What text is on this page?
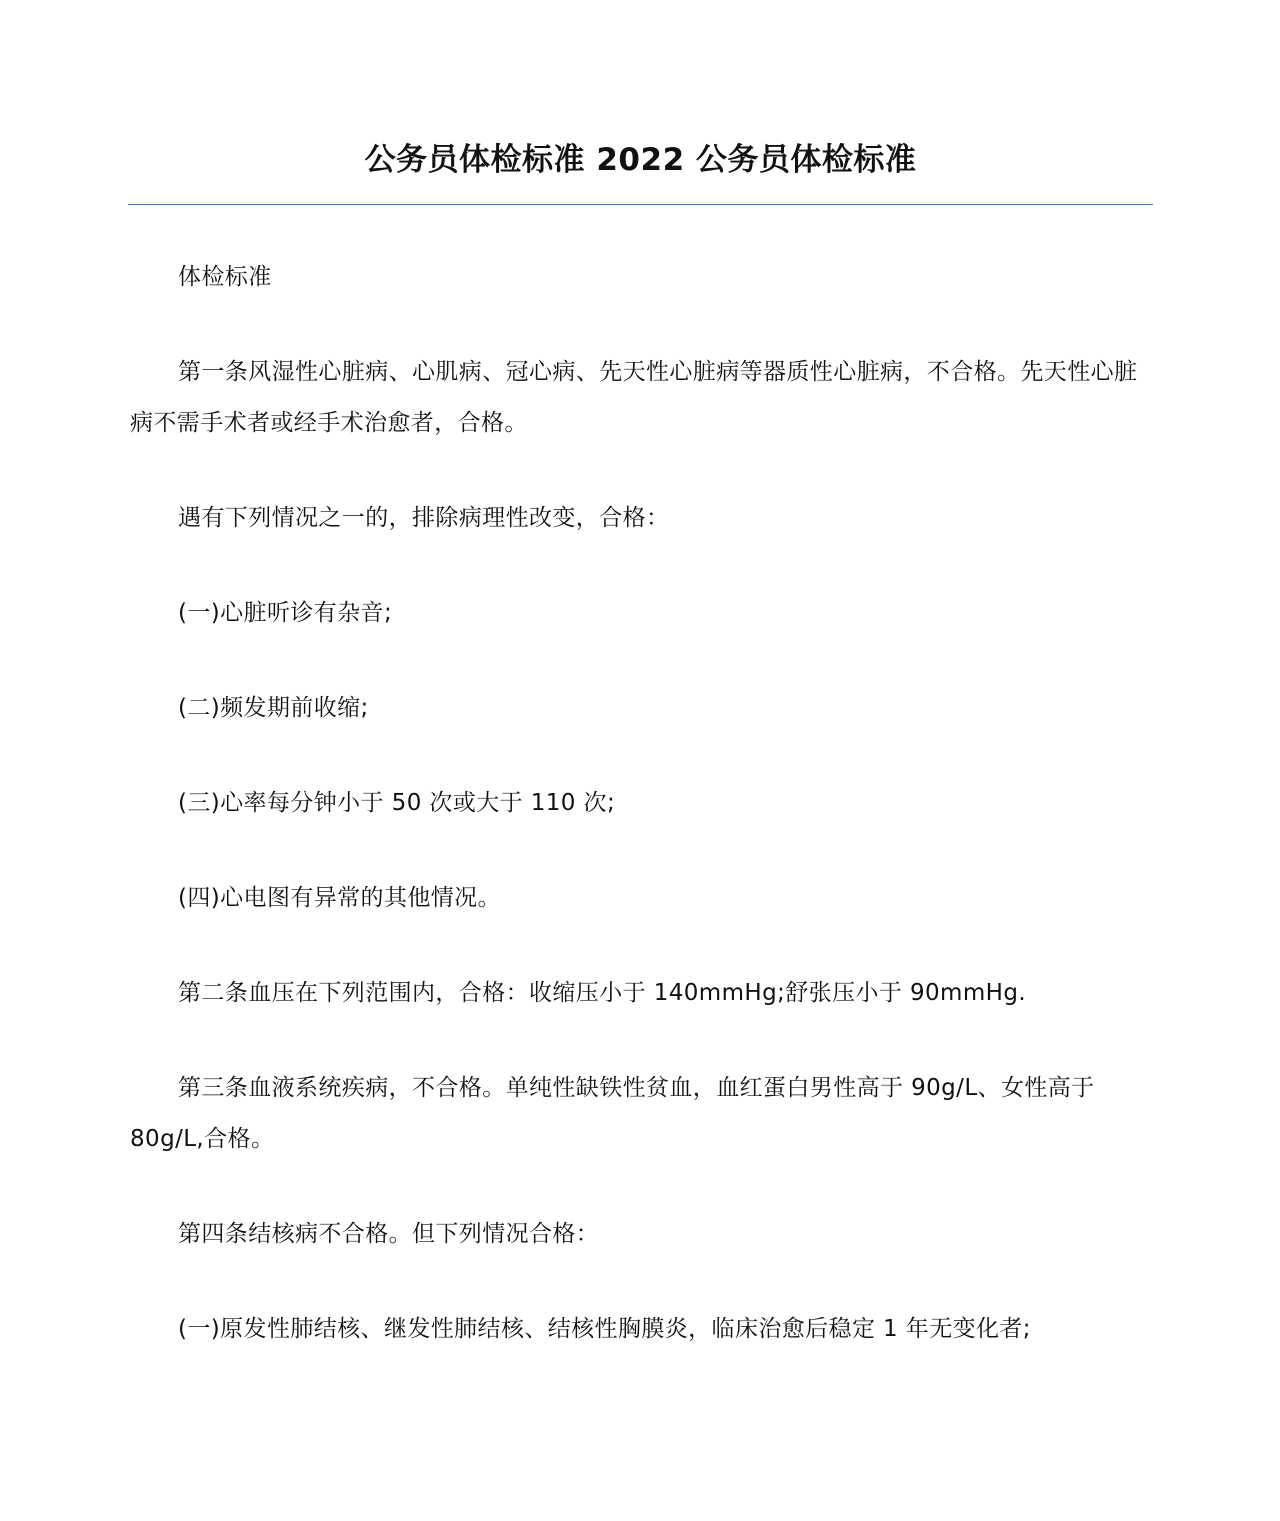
公务员体检标准 2022 公务员体检标准

体检标准

第一条风湿性心脏病、心肌病、冠心病、先天性心脏病等器质性心脏病，不合格。先天性心脏病不需手术者或经手术治愈者，合格。

遇有下列情况之一的，排除病理性改变，合格：

(一)心脏听诊有杂音;

(二)频发期前收缩;

(三)心率每分钟小于 50 次或大于 110 次;

(四)心电图有异常的其他情况。

第二条血压在下列范围内，合格：收缩压小于 140mmHg;舒张压小于 90mmHg.

第三条血液系统疾病，不合格。单纯性缺铁性贫血，血红蛋白男性高于 90g/L、女性高于 80g/L,合格。

第四条结核病不合格。但下列情况合格：

(一)原发性肺结核、继发性肺结核、结核性胸膜炎，临床治愈后稳定 1 年无变化者;
